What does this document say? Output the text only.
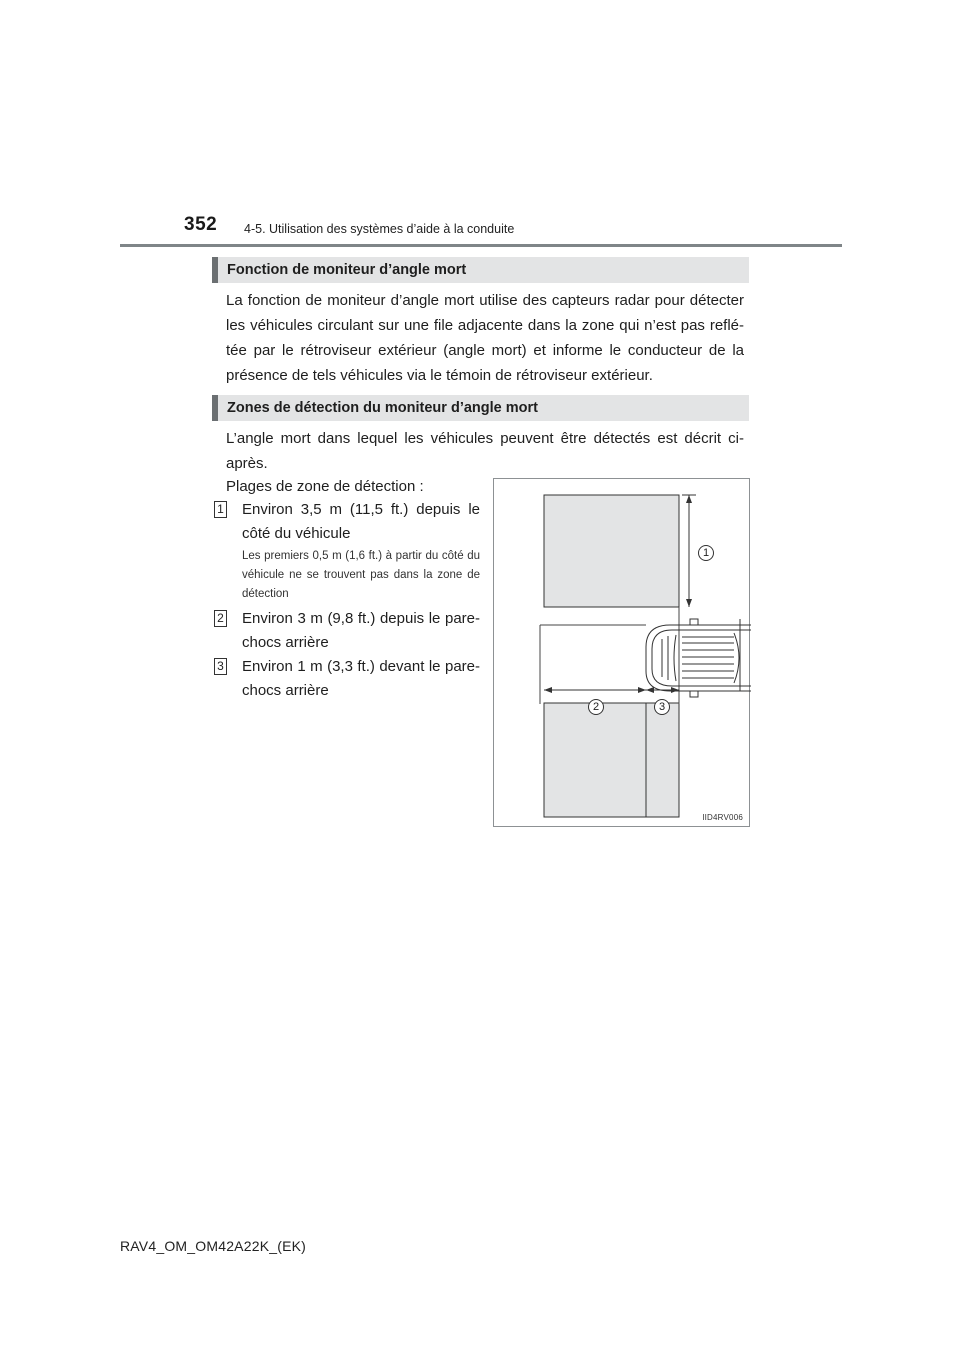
352 4-5. Utilisation des systèmes d’aide à la conduite
Fonction de moniteur d’angle mort

La fonction de moniteur d’angle mort utilise des capteurs radar pour détecter les véhicules circulant sur une file adjacente dans la zone qui n’est pas reflé-tée par le rétroviseur extérieur (angle mort) et informe le conducteur de la présence de tels véhicules via le témoin de rétroviseur extérieur.

Zones de détection du moniteur d’angle mort

L’angle mort dans lequel les véhicules peuvent être détectés est décrit ci-après.

Plages de zone de détection :
1 Environ 3,5 m (11,5 ft.) depuis le côté du véhicule
Les premiers 0,5 m (1,6 ft.) à partir du côté du véhicule ne se trouvent pas dans la zone de détection
2 Environ 3 m (9,8 ft.) depuis le pare-chocs arrière
3 Environ 1 m (3,3 ft.) devant le pare-chocs arrière
1
2	3
IID4RV006
RAV4_OM_OM42A22K_(EK)
